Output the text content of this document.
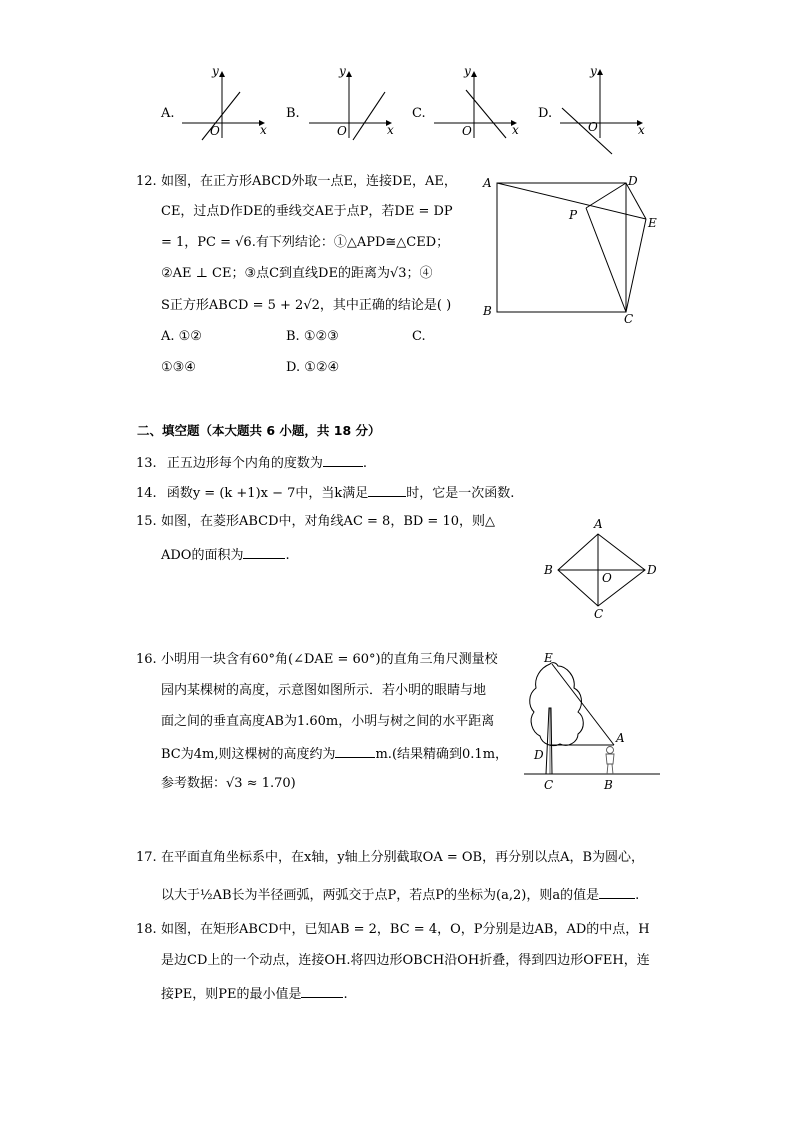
A.
y
x
O
B.
y
x
O
C.
y
x
O
D.
y
x
O
12. 如图，在正方形ABCD外取一点E，连接DE，AE，
CE，过点D作DE的垂线交AE于点P，若DE = DP
= 1，PC = √6.有下列结论：①△APD≅△CED；
②AE ⊥ CE；③点C到直线DE的距离为√3；④
S正方形ABCD = 5 + 2√2，其中正确的结论是( )
A. ①②	B. ①②③	C.
①③④	D. ①②④
A	D
E
P
B
C
二、填空题（本大题共 6 小题，共 18 分）
13. 正五边形每个内角的度数为	.
14. 函数y = (k +1)x − 7中，当k满足	时，它是一次函数.
15. 如图，在菱形ABCD中，对角线AC = 8，BD = 10，则△
ADO的面积为	.
A
B	D
C
O
16. 小明用一块含有60°角(∠DAE = 60°)的直角三角尺测量校
园内某棵树的高度，示意图如图所示．若小明的眼睛与地
面之间的垂直高度AB为1.60m，小明与树之间的水平距离
BC为4m,则这棵树的高度约为	m.(结果精确到0.1m，
参考数据：√3 ≈ 1.70)
E
A
D
C	B
17. 在平面直角坐标系中，在x轴，y轴上分别截取OA = OB，再分别以点A，B为圆心，
以大于½AB长为半径画弧，两弧交于点P，若点P的坐标为(a,2)，则a的值是	.
18. 如图，在矩形ABCD中，已知AB = 2，BC = 4，O，P分别是边AB，AD的中点，H
是边CD上的一个动点，连接OH.将四边形OBCH沿OH折叠，得到四边形OFEH，连
接PE，则PE的最小值是	.
